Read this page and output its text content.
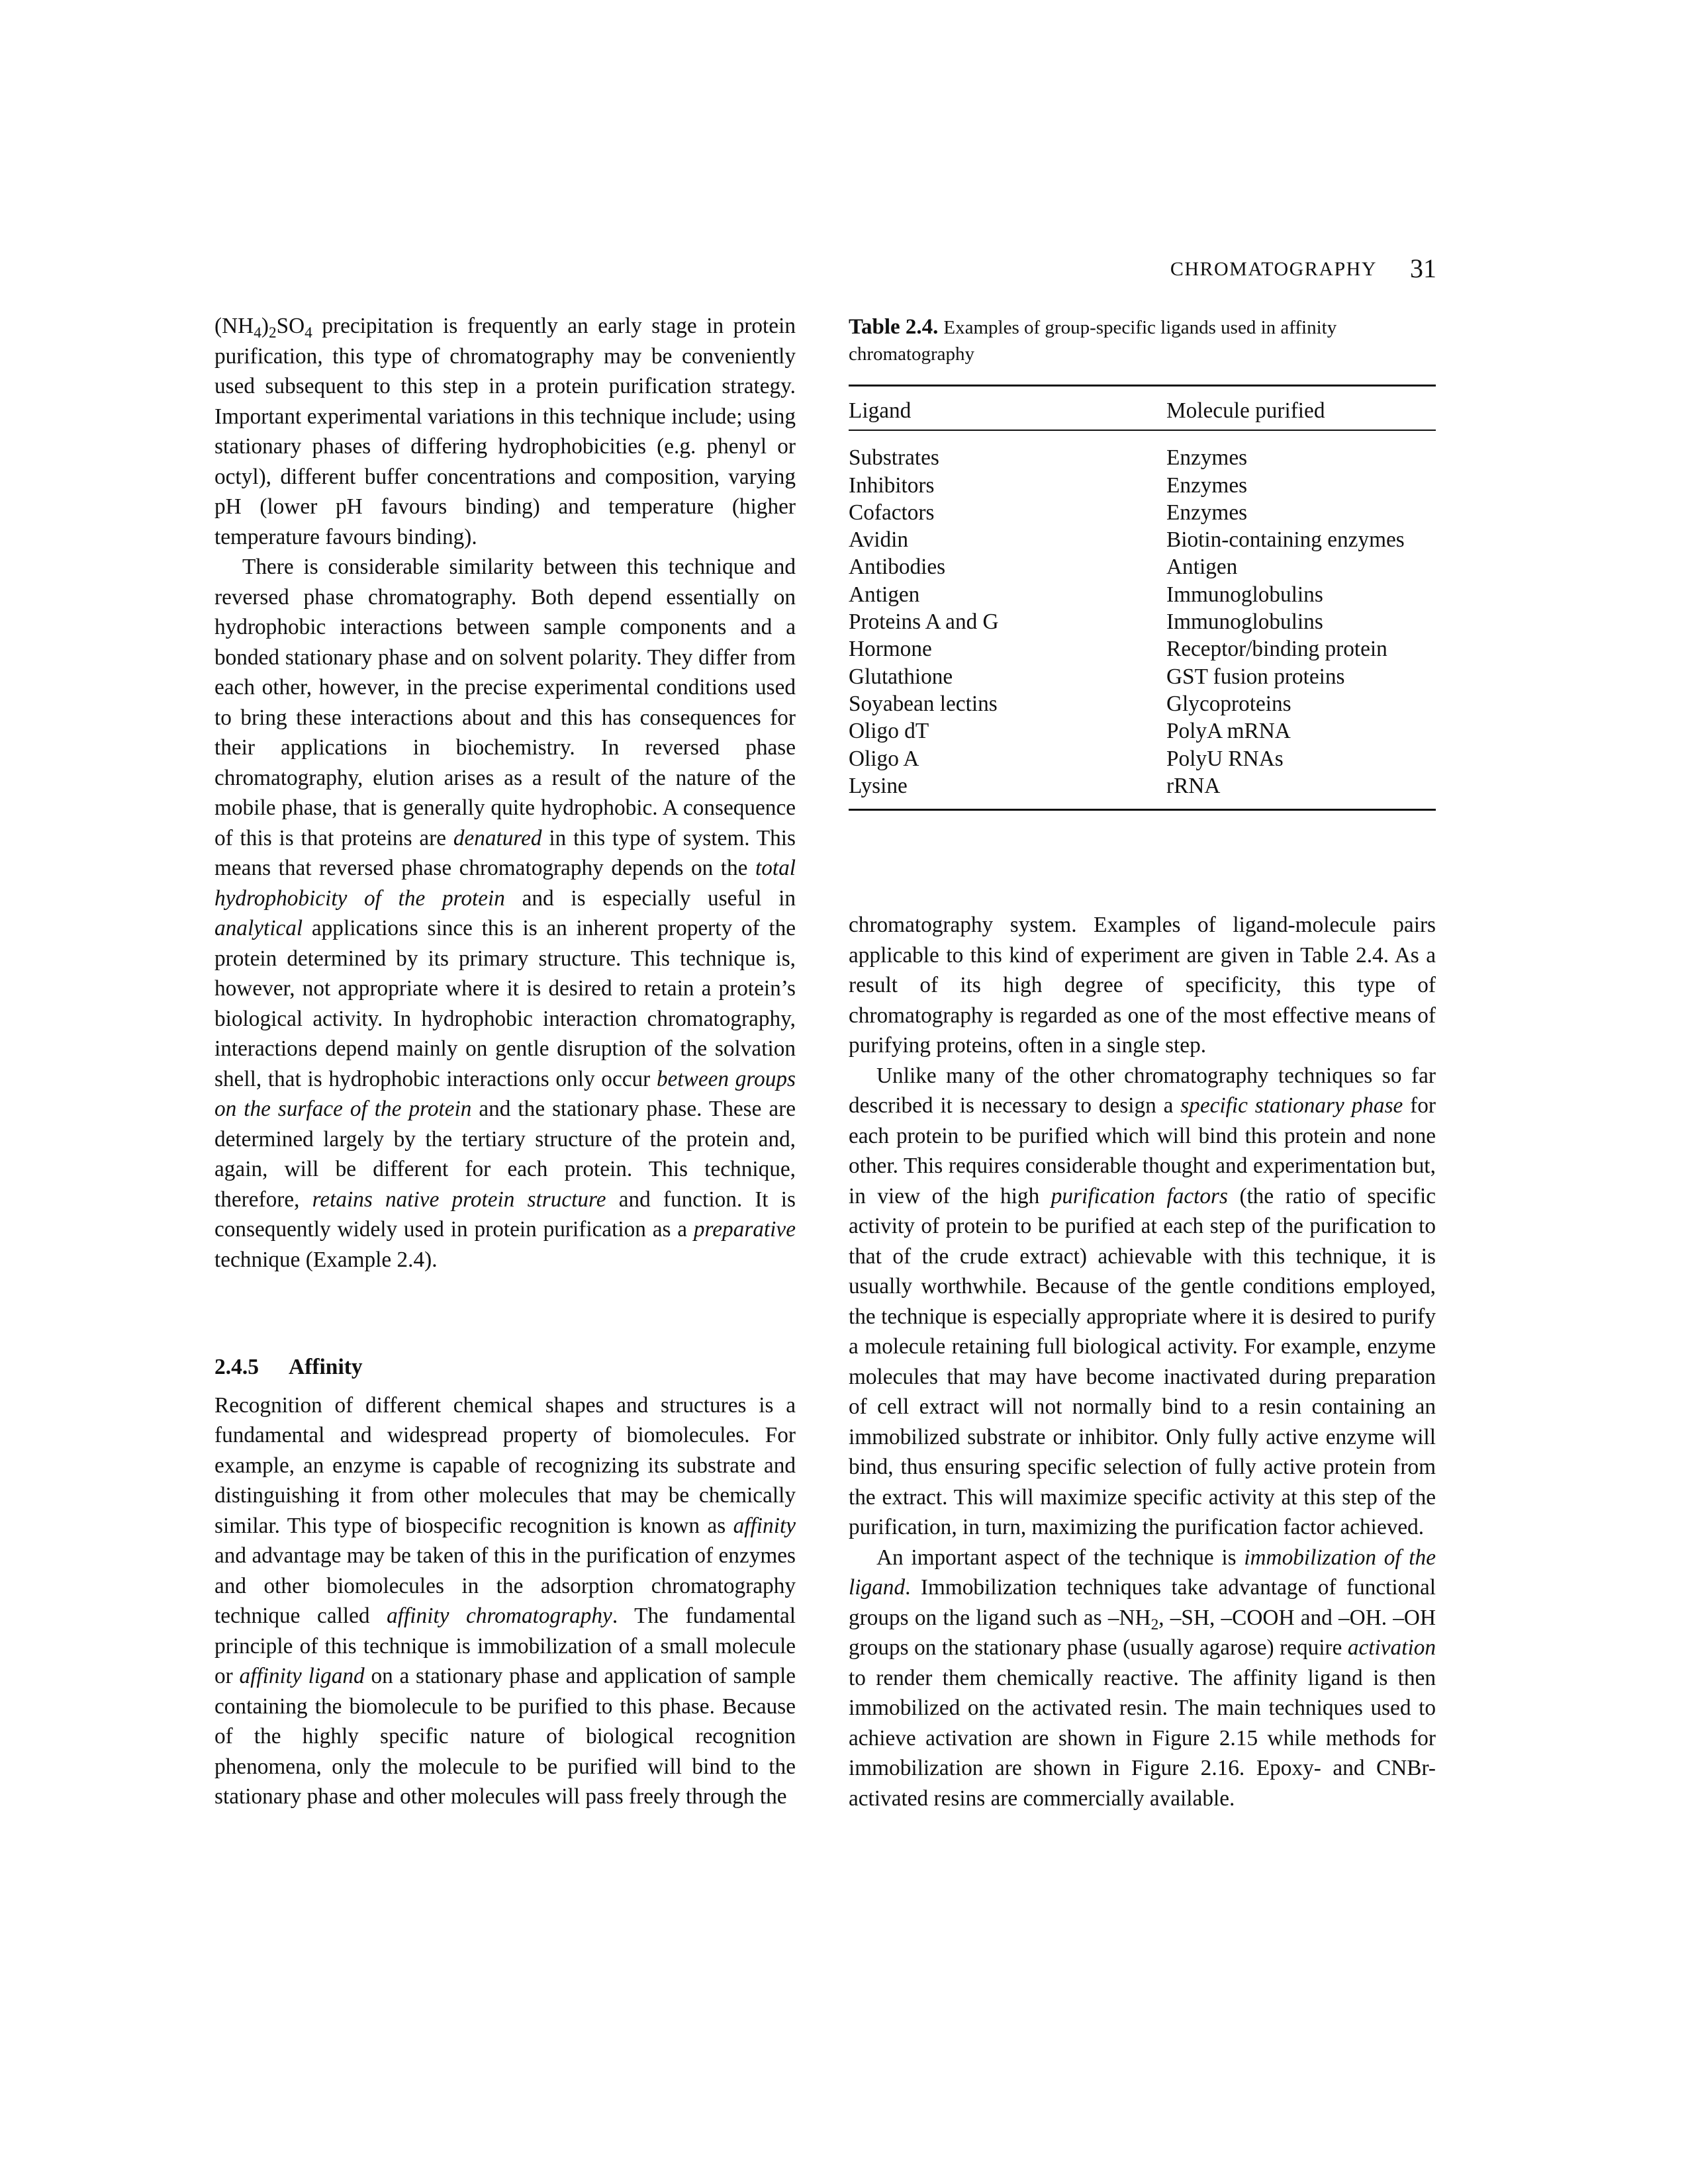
CHROMATOGRAPHY 31

$(NH_4)_2SO_4$ precipitation is frequently an early stage in protein purification, this type of chromatography may be conveniently used subsequent to this step in a protein purification strategy. Important experimental variations in this technique include; using stationary phases of differing hydrophobicities (e.g. phenyl or octyl), different buffer concentrations and composition, varying pH (lower pH favours binding) and temperature (higher temperature favours binding).

There is considerable similarity between this technique and reversed phase chromatography. Both depend essentially on hydrophobic interactions between sample components and a bonded stationary phase and on solvent polarity. They differ from each other, however, in the precise experimental conditions used to bring these interactions about and this has consequences for their applications in biochemistry. In reversed phase chromatography, elution arises as a result of the nature of the mobile phase, that is generally quite hydrophobic. A consequence of this is that proteins are denatured in this type of system. This means that reversed phase chromatography depends on the total hydrophobicity of the protein and is especially useful in analytical applications since this is an inherent property of the protein determined by its primary structure. This technique is, however, not appropriate where it is desired to retain a protein’s biological activity. In hydrophobic interaction chromatography, interactions depend mainly on gentle disruption of the solvation shell, that is hydrophobic interactions only occur between groups on the surface of the protein and the stationary phase. These are determined largely by the tertiary structure of the protein and, again, will be different for each protein. This technique, therefore, retains native protein structure and function. It is consequently widely used in protein purification as a preparative technique (Example 2.4).

2.4.5 Affinity

Recognition of different chemical shapes and structures is a fundamental and widespread property of biomolecules. For example, an enzyme is capable of recognizing its substrate and distinguishing it from other molecules that may be chemically similar. This type of biospecific recognition is known as affinity and advantage may be taken of this in the purification of enzymes and other biomolecules in the adsorption chromatography technique called affinity chromatography. The fundamental principle of this technique is immobilization of a small molecule or affinity ligand on a stationary phase and application of sample containing the biomolecule to be purified to this phase. Because of the highly specific nature of biological recognition phenomena, only the molecule to be purified will bind to the stationary phase and other molecules will pass freely through the

Table 2.4. Examples of group-specific ligands used in affinity chromatography

Ligand	Molecule purified
Substrates	Enzymes
Inhibitors	Enzymes
Cofactors	Enzymes
Avidin	Biotin-containing enzymes
Antibodies	Antigen
Antigen	Immunoglobulins
Proteins A and G	Immunoglobulins
Hormone	Receptor/binding protein
Glutathione	GST fusion proteins
Soyabean lectins	Glycoproteins
Oligo dT	PolyA mRNA
Oligo A	PolyU RNAs
Lysine	rRNA

chromatography system. Examples of ligand-molecule pairs applicable to this kind of experiment are given in Table 2.4. As a result of its high degree of specificity, this type of chromatography is regarded as one of the most effective means of purifying proteins, often in a single step.

Unlike many of the other chromatography techniques so far described it is necessary to design a specific stationary phase for each protein to be purified which will bind this protein and none other. This requires considerable thought and experimentation but, in view of the high purification factors (the ratio of specific activity of protein to be purified at each step of the purification to that of the crude extract) achievable with this technique, it is usually worthwhile. Because of the gentle conditions employed, the technique is especially appropriate where it is desired to purify a molecule retaining full biological activity. For example, enzyme molecules that may have become inactivated during preparation of cell extract will not normally bind to a resin containing an immobilized substrate or inhibitor. Only fully active enzyme will bind, thus ensuring specific selection of fully active protein from the extract. This will maximize specific activity at this step of the purification, in turn, maximizing the purification factor achieved.

An important aspect of the technique is immobilization of the ligand. Immobilization techniques take advantage of functional groups on the ligand such as $-NH_2$, –SH, –COOH and –OH. –OH groups on the stationary phase (usually agarose) require activation to render them chemically reactive. The affinity ligand is then immobilized on the activated resin. The main techniques used to achieve activation are shown in Figure 2.15 while methods for immobilization are shown in Figure 2.16. Epoxy- and CNBr-activated resins are commercially available.
